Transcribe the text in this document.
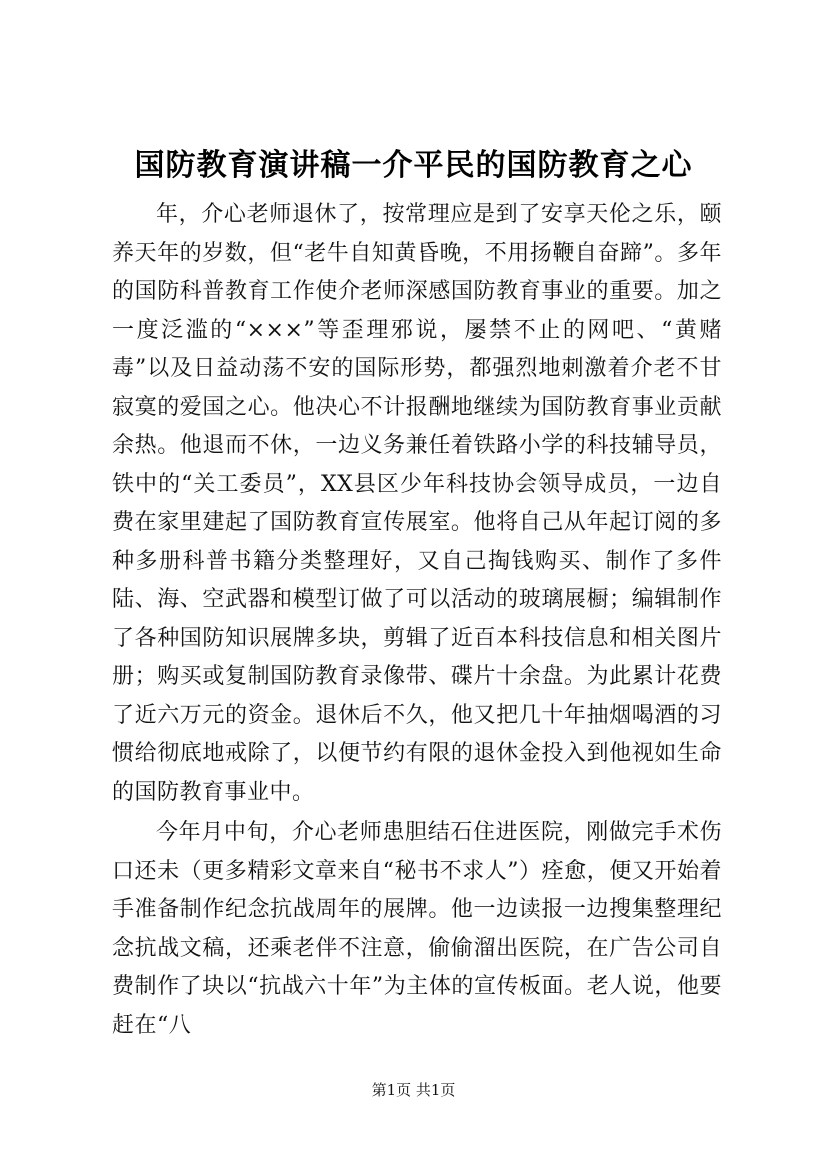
国防教育演讲稿一介平民的国防教育之心

年，介心老师退休了，按常理应是到了安享天伦之乐，颐养天年的岁数，但“老牛自知黄昏晚，不用扬鞭自奋蹄”。多年的国防科普教育工作使介老师深感国防教育事业的重要。加之一度泛滥的“×××”等歪理邪说，屡禁不止的网吧、“黄赌毒”以及日益动荡不安的国际形势，都强烈地刺激着介老不甘寂寞的爱国之心。他决心不计报酬地继续为国防教育事业贡献余热。他退而不休，一边义务兼任着铁路小学的科技辅导员，铁中的“关工委员”，XX县区少年科技协会领导成员，一边自费在家里建起了国防教育宣传展室。他将自己从年起订阅的多种多册科普书籍分类整理好，又自己掏钱购买、制作了多件陆、海、空武器和模型订做了可以活动的玻璃展橱；编辑制作了各种国防知识展牌多块，剪辑了近百本科技信息和相关图片册；购买或复制国防教育录像带、碟片十余盘。为此累计花费了近六万元的资金。退休后不久，他又把几十年抽烟喝酒的习惯给彻底地戒除了，以便节约有限的退休金投入到他视如生命的国防教育事业中。

今年月中旬，介心老师患胆结石住进医院，刚做完手术伤口还未（更多精彩文章来自“秘书不求人”）痊愈，便又开始着手准备制作纪念抗战周年的展牌。他一边读报一边搜集整理纪念抗战文稿，还乘老伴不注意，偷偷溜出医院，在广告公司自费制作了块以“抗战六十年”为主体的宣传板面。老人说，他要赶在“八

第1页 共1页
